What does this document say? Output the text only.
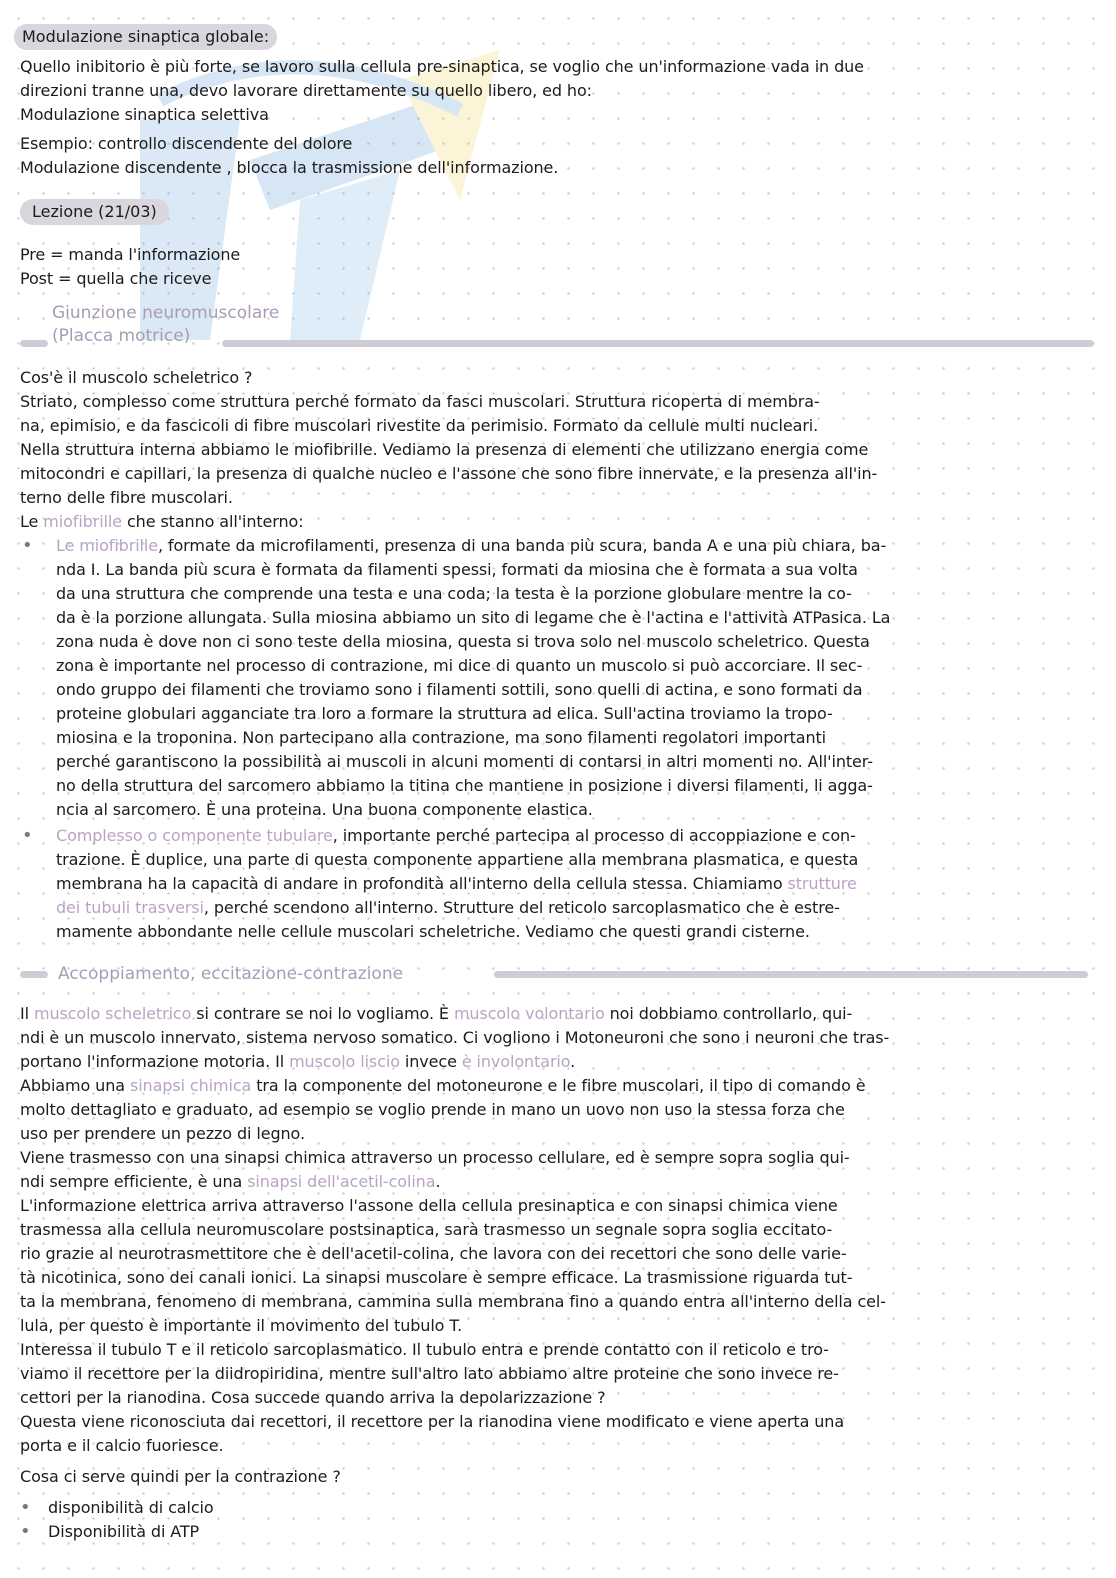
Modulazione sinaptica globale:
Quello inibitorio è più forte, se lavoro sulla cellula pre-sinaptica, se voglio che un'informazione vada in due
direzioni tranne una, devo lavorare direttamente su quello libero, ed ho:
Modulazione sinaptica selettiva
Esempio: controllo discendente del dolore
Modulazione discendente , blocca la trasmissione dell'informazione.
Lezione (21/03)
Pre = manda l'informazione
Post = quella che riceve
Giunzione neuromuscolare
(Placca motrice)
Cos'è il muscolo scheletrico ?
Striato, complesso come struttura perché formato da fasci muscolari. Struttura ricoperta di membra-
na, epimisio, e da fascicoli di fibre muscolari rivestite da perimisio. Formato da cellule multi nucleari.
Nella struttura interna abbiamo le miofibrille. Vediamo la presenza di elementi che utilizzano energia come
mitocondri e capillari, la presenza di qualche nucleo e l'assone che sono fibre innervate, e la presenza all'in-
terno delle fibre muscolari.
Le miofibrille che stanno all'interno:
• Le miofibrille, formate da microfilamenti, presenza di una banda più scura, banda A e una più chiara, ba-
nda I. La banda più scura è formata da filamenti spessi, formati da miosina che è formata a sua volta
da una struttura che comprende una testa e una coda; la testa è la porzione globulare mentre la co-
da è la porzione allungata. Sulla miosina abbiamo un sito di legame che è l'actina e l'attività ATPasica. La
zona nuda è dove non ci sono teste della miosina, questa si trova solo nel muscolo scheletrico. Questa
zona è importante nel processo di contrazione, mi dice di quanto un muscolo si può accorciare. Il sec-
ondo gruppo dei filamenti che troviamo sono i filamenti sottili, sono quelli di actina, e sono formati da
proteine globulari agganciate tra loro a formare la struttura ad elica. Sull'actina troviamo la tropo-
miosina e la troponina. Non partecipano alla contrazione, ma sono filamenti regolatori importanti
perché garantiscono la possibilità ai muscoli in alcuni momenti di contarsi in altri momenti no. All'inter-
no della struttura del sarcomero abbiamo la titina che mantiene in posizione i diversi filamenti, li agga-
ncia al sarcomero. È una proteina. Una buona componente elastica.
• Complesso o componente tubulare, importante perché partecipa al processo di accoppiazione e con-
trazione. È duplice, una parte di questa componente appartiene alla membrana plasmatica, e questa
membrana ha la capacità di andare in profondità all'interno della cellula stessa. Chiamiamo strutture
dei tubuli trasversi, perché scendono all'interno. Strutture del reticolo sarcoplasmatico che è estre-
mamente abbondante nelle cellule muscolari scheletriche. Vediamo che questi grandi cisterne.
Accoppiamento, eccitazione-contrazione
Il muscolo scheletrico si contrare se noi lo vogliamo. È muscolo volontario noi dobbiamo controllarlo, qui-
ndi è un muscolo innervato, sistema nervoso somatico. Ci vogliono i Motoneuroni che sono i neuroni che tras-
portano l'informazione motoria. Il muscolo liscio invece è involontario.
Abbiamo una sinapsi chimica tra la componente del motoneurone e le fibre muscolari, il tipo di comando è
molto dettagliato e graduato, ad esempio se voglio prende in mano un uovo non uso la stessa forza che
uso per prendere un pezzo di legno.
Viene trasmesso con una sinapsi chimica attraverso un processo cellulare, ed è sempre sopra soglia qui-
ndi sempre efficiente, è una sinapsi dell'acetil-colina.
L'informazione elettrica arriva attraverso l'assone della cellula presinaptica e con sinapsi chimica viene
trasmessa alla cellula neuromuscolare postsinaptica, sarà trasmesso un segnale sopra soglia eccitato-
rio grazie al neurotrasmettitore che è dell'acetil-colina, che lavora con dei recettori che sono delle varie-
tà nicotinica, sono dei canali ionici. La sinapsi muscolare è sempre efficace. La trasmissione riguarda tut-
ta la membrana, fenomeno di membrana, cammina sulla membrana fino a quando entra all'interno della cel-
lula, per questo è importante il movimento del tubulo T.
Interessa il tubulo T e il reticolo sarcoplasmatico. Il tubulo entra e prende contatto con il reticolo e tro-
viamo il recettore per la diidropiridina, mentre sull'altro lato abbiamo altre proteine che sono invece re-
cettori per la rianodina. Cosa succede quando arriva la depolarizzazione ?
Questa viene riconosciuta dai recettori, il recettore per la rianodina viene modificato e viene aperta una
porta e il calcio fuoriesce.
Cosa ci serve quindi per la contrazione ?
• disponibilità di calcio
• Disponibilità di ATP
